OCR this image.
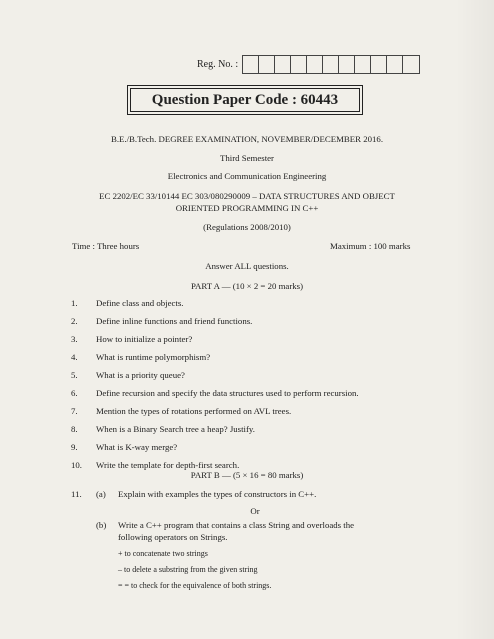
Reg. No. :
Question Paper Code : 60443
B.E./B.Tech. DEGREE EXAMINATION, NOVEMBER/DECEMBER 2016.
Third Semester
Electronics and Communication Engineering
EC 2202/EC 33/10144 EC 303/080290009 – DATA STRUCTURES AND OBJECT
ORIENTED PROGRAMMING IN C++
(Regulations 2008/2010)
Time : Three hours	Maximum : 100 marks
Answer ALL questions.
PART A — (10 × 2 = 20 marks)
1. Define class and objects.
2. Define inline functions and friend functions.
3. How to initialize a pointer?
4. What is runtime polymorphism?
5. What is a priority queue?
6. Define recursion and specify the data structures used to perform recursion.
7. Mention the types of rotations performed on AVL trees.
8. When is a Binary Search tree a heap? Justify.
9. What is K-way merge?
10. Write the template for depth-first search.
PART B — (5 × 16 = 80 marks)
11. (a) Explain with examples the types of constructors in C++.
Or
(b) Write a C++ program that contains a class String and overloads the
following operators on Strings.
+ to concatenate two strings
– to delete a substring from the given string
= = to check for the equivalence of both strings.
